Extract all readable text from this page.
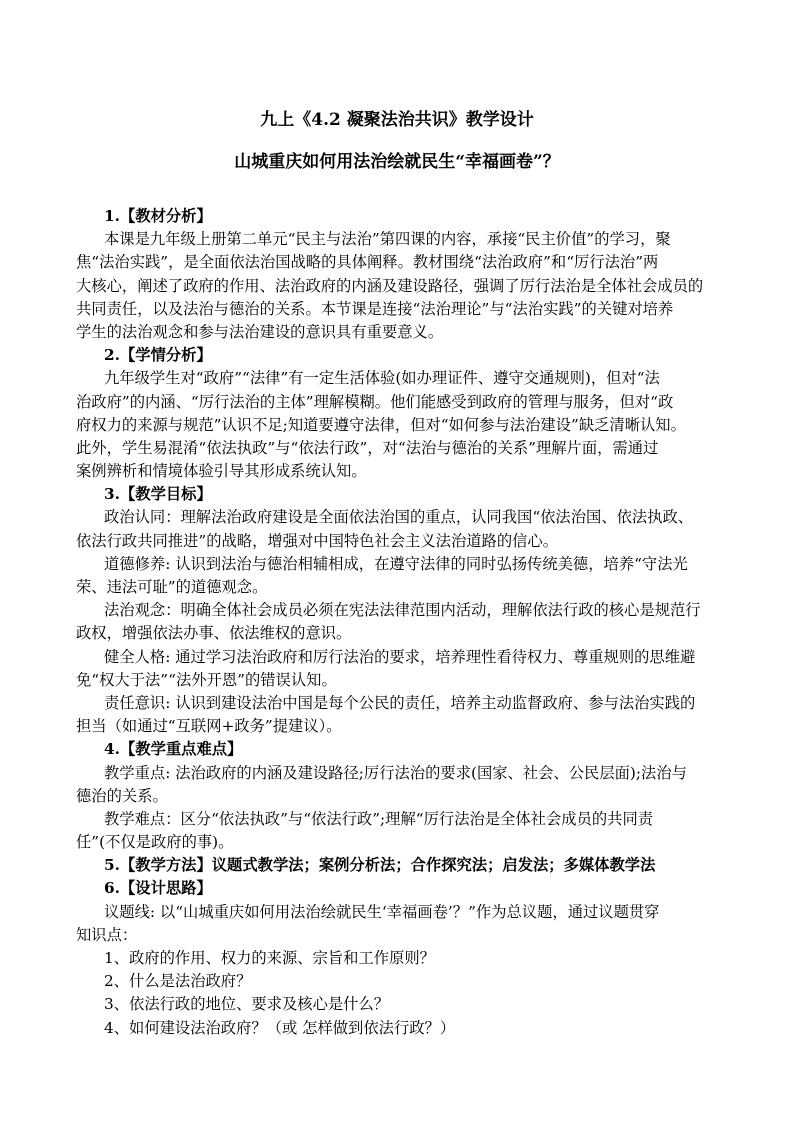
九上《4.2 凝聚法治共识》教学设计
山城重庆如何用法治绘就民生“幸福画卷”？
1.【教材分析】
本课是九年级上册第二单元“民主与法治”第四课的内容，承接“民主价值”的学习，聚
焦“法治实践”，是全面依法治国战略的具体阐释。教材围绕“法治政府”和“厉行法治”两
大核心，阐述了政府的作用、法治政府的内涵及建设路径，强调了厉行法治是全体社会成员的
共同责任，以及法治与德治的关系。本节课是连接“法治理论”与“法治实践”的关键对培养
学生的法治观念和参与法治建设的意识具有重要意义。
2.【学情分析】
九年级学生对“政府”“法律”有一定生活体验(如办理证件、遵守交通规则)，但对“法
治政府”的内涵、“厉行法治的主体”理解模糊。他们能感受到政府的管理与服务，但对“政
府权力的来源与规范”认识不足;知道要遵守法律，但对“如何参与法治建设”缺乏清晰认知。
此外，学生易混淆“依法执政”与“依法行政”，对“法治与德治的关系”理解片面，需通过
案例辨析和情境体验引导其形成系统认知。
3.【教学目标】
政治认同：理解法治政府建设是全面依法治国的重点，认同我国“依法治国、依法执政、
依法行政共同推进”的战略，增强对中国特色社会主义法治道路的信心。
道德修养: 认识到法治与德治相辅相成，在遵守法律的同时弘扬传统美德，培养“守法光
荣、违法可耻”的道德观念。
法治观念：明确全体社会成员必须在宪法法律范围内活动，理解依法行政的核心是规范行
政权，增强依法办事、依法维权的意识。
健全人格: 通过学习法治政府和厉行法治的要求，培养理性看待权力、尊重规则的思维避
免“权大于法”“法外开恩”的错误认知。
责任意识: 认识到建设法治中国是每个公民的责任，培养主动监督政府、参与法治实践的
担当（如通过“互联网+政务”提建议）。
4.【教学重点难点】
教学重点: 法治政府的内涵及建设路径;厉行法治的要求(国家、社会、公民层面);法治与
德治的关系。
教学难点：区分“依法执政”与“依法行政”;理解“厉行法治是全体社会成员的共同责
任”(不仅是政府的事)。
5.【教学方法】议题式教学法；案例分析法；合作探究法；启发法；多媒体教学法
6.【设计思路】
议题线: 以“山城重庆如何用法治绘就民生‘幸福画卷’？”作为总议题，通过议题贯穿
知识点：
1、政府的作用、权力的来源、宗旨和工作原则？
2、什么是法治政府？
3、依法行政的地位、要求及核心是什么？
4、如何建设法治政府？（或 怎样做到依法行政？）
